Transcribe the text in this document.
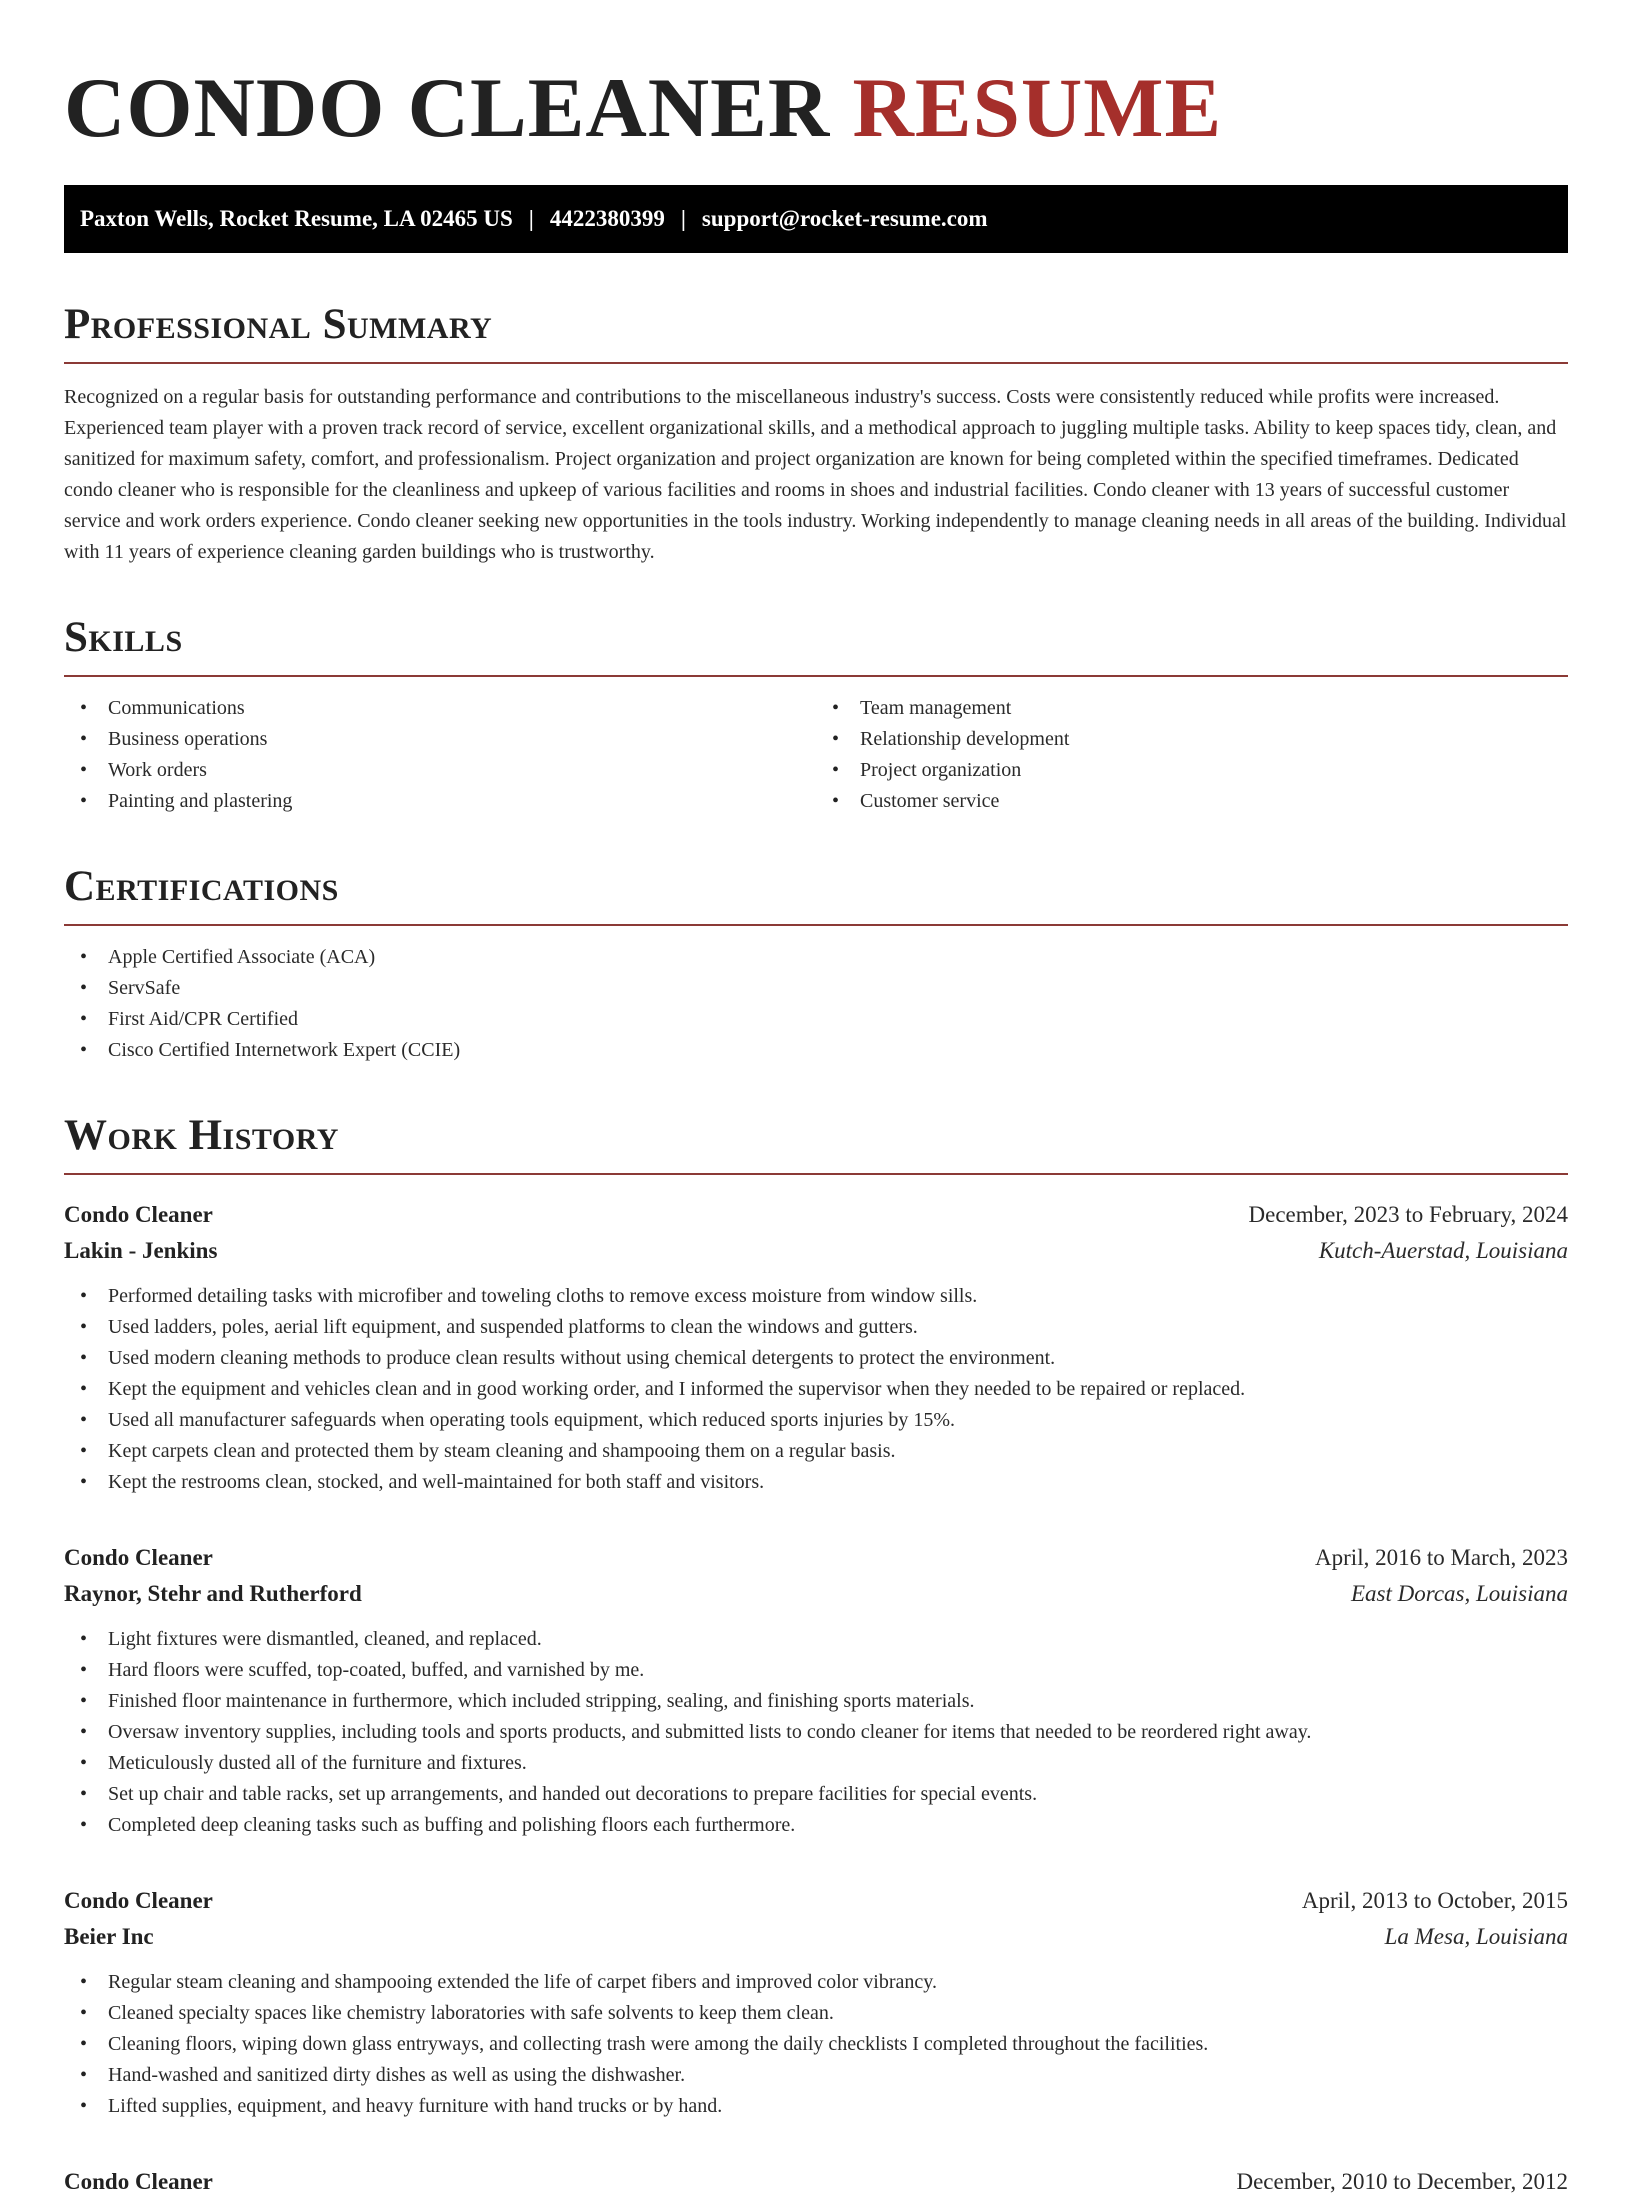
CONDO CLEANER RESUME
Paxton Wells, Rocket Resume, LA 02465 US | 4422380399 | support@rocket-resume.com
Professional Summary

Recognized on a regular basis for outstanding performance and contributions to the miscellaneous industry's success. Costs were consistently reduced while profits were increased. Experienced team player with a proven track record of service, excellent organizational skills, and a methodical approach to juggling multiple tasks. Ability to keep spaces tidy, clean, and sanitized for maximum safety, comfort, and professionalism. Project organization and project organization are known for being completed within the specified timeframes. Dedicated condo cleaner who is responsible for the cleanliness and upkeep of various facilities and rooms in shoes and industrial facilities. Condo cleaner with 13 years of successful customer service and work orders experience. Condo cleaner seeking new opportunities in the tools industry. Working independently to manage cleaning needs in all areas of the building. Individual with 11 years of experience cleaning garden buildings who is trustworthy.

Skills
• Communications
• Business operations
• Work orders
• Painting and plastering
• Team management
• Relationship development
• Project organization
• Customer service
Certifications
• Apple Certified Associate (ACA)
• ServSafe
• First Aid/CPR Certified
• Cisco Certified Internetwork Expert (CCIE)
Work History
Condo Cleaner	December, 2023 to February, 2024
Lakin - Jenkins	Kutch-Auerstad, Louisiana
• Performed detailing tasks with microfiber and toweling cloths to remove excess moisture from window sills.
• Used ladders, poles, aerial lift equipment, and suspended platforms to clean the windows and gutters.
• Used modern cleaning methods to produce clean results without using chemical detergents to protect the environment.
• Kept the equipment and vehicles clean and in good working order, and I informed the supervisor when they needed to be repaired or replaced.
• Used all manufacturer safeguards when operating tools equipment, which reduced sports injuries by 15%.
• Kept carpets clean and protected them by steam cleaning and shampooing them on a regular basis.
• Kept the restrooms clean, stocked, and well-maintained for both staff and visitors.
Condo Cleaner	April, 2016 to March, 2023
Raynor, Stehr and Rutherford	East Dorcas, Louisiana
• Light fixtures were dismantled, cleaned, and replaced.
• Hard floors were scuffed, top-coated, buffed, and varnished by me.
• Finished floor maintenance in furthermore, which included stripping, sealing, and finishing sports materials.
• Oversaw inventory supplies, including tools and sports products, and submitted lists to condo cleaner for items that needed to be reordered right away.
• Meticulously dusted all of the furniture and fixtures.
• Set up chair and table racks, set up arrangements, and handed out decorations to prepare facilities for special events.
• Completed deep cleaning tasks such as buffing and polishing floors each furthermore.
Condo Cleaner	April, 2013 to October, 2015
Beier Inc	La Mesa, Louisiana
• Regular steam cleaning and shampooing extended the life of carpet fibers and improved color vibrancy.
• Cleaned specialty spaces like chemistry laboratories with safe solvents to keep them clean.
• Cleaning floors, wiping down glass entryways, and collecting trash were among the daily checklists I completed throughout the facilities.
• Hand-washed and sanitized dirty dishes as well as using the dishwasher.
• Lifted supplies, equipment, and heavy furniture with hand trucks or by hand.
Condo Cleaner	December, 2010 to December, 2012
